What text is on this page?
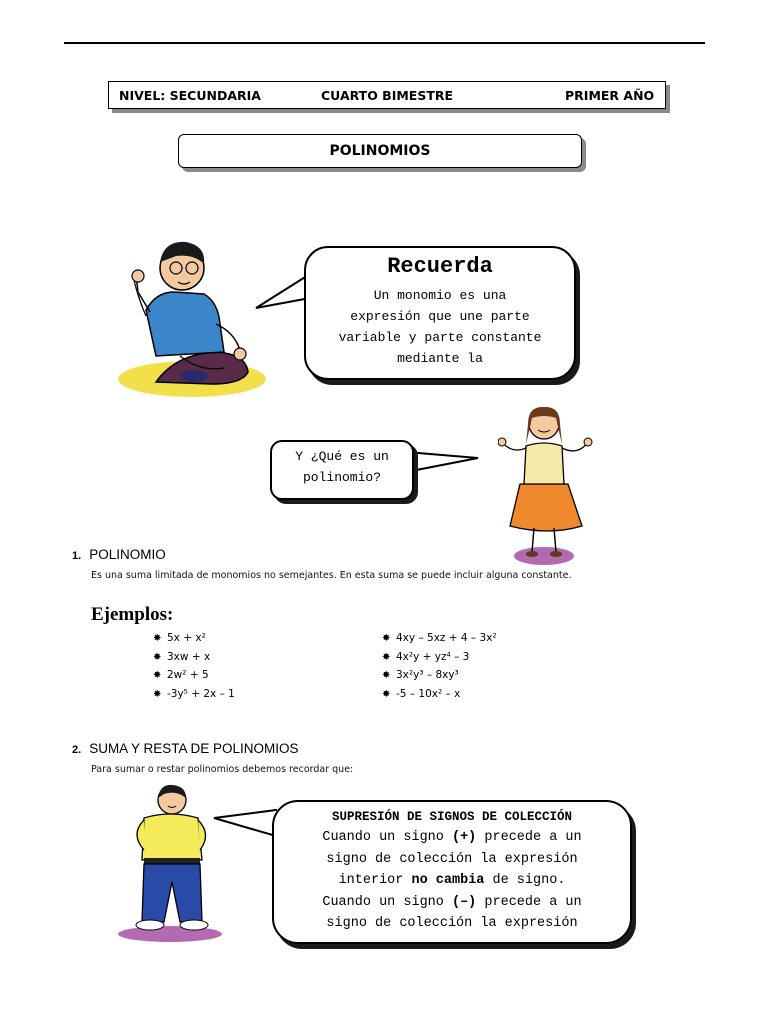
NIVEL: SECUNDARIA	CUARTO BIMESTRE	PRIMER AÑO
POLINOMIOS
Recuerda
Un monomio es una
expresión que une parte
variable y parte constante
mediante la
Y ¿Qué es un
polinomio?
1. POLINOMIO
Es una suma limitada de monomios no semejantes. En esta suma se puede incluir alguna constante.
Ejemplos:
✸ 5x + x²
✸ 3xw + x
✸ 2w² + 5
✸ -3y⁵ + 2x – 1
✸ 4xy – 5xz + 4 – 3x²
✸ 4x²y + yz⁴ – 3
✸ 3x²y³ – 8xy³
✸ -5 – 10x² – x
2. SUMA Y RESTA DE POLINOMIOS
Para sumar o restar polinomios debemos recordar que:
SUPRESIÓN DE SIGNOS DE COLECCIÓN
Cuando un signo (+) precede a un
signo de colección la expresión
interior no cambia de signo.
Cuando un signo (–) precede a un
signo de colección la expresión
